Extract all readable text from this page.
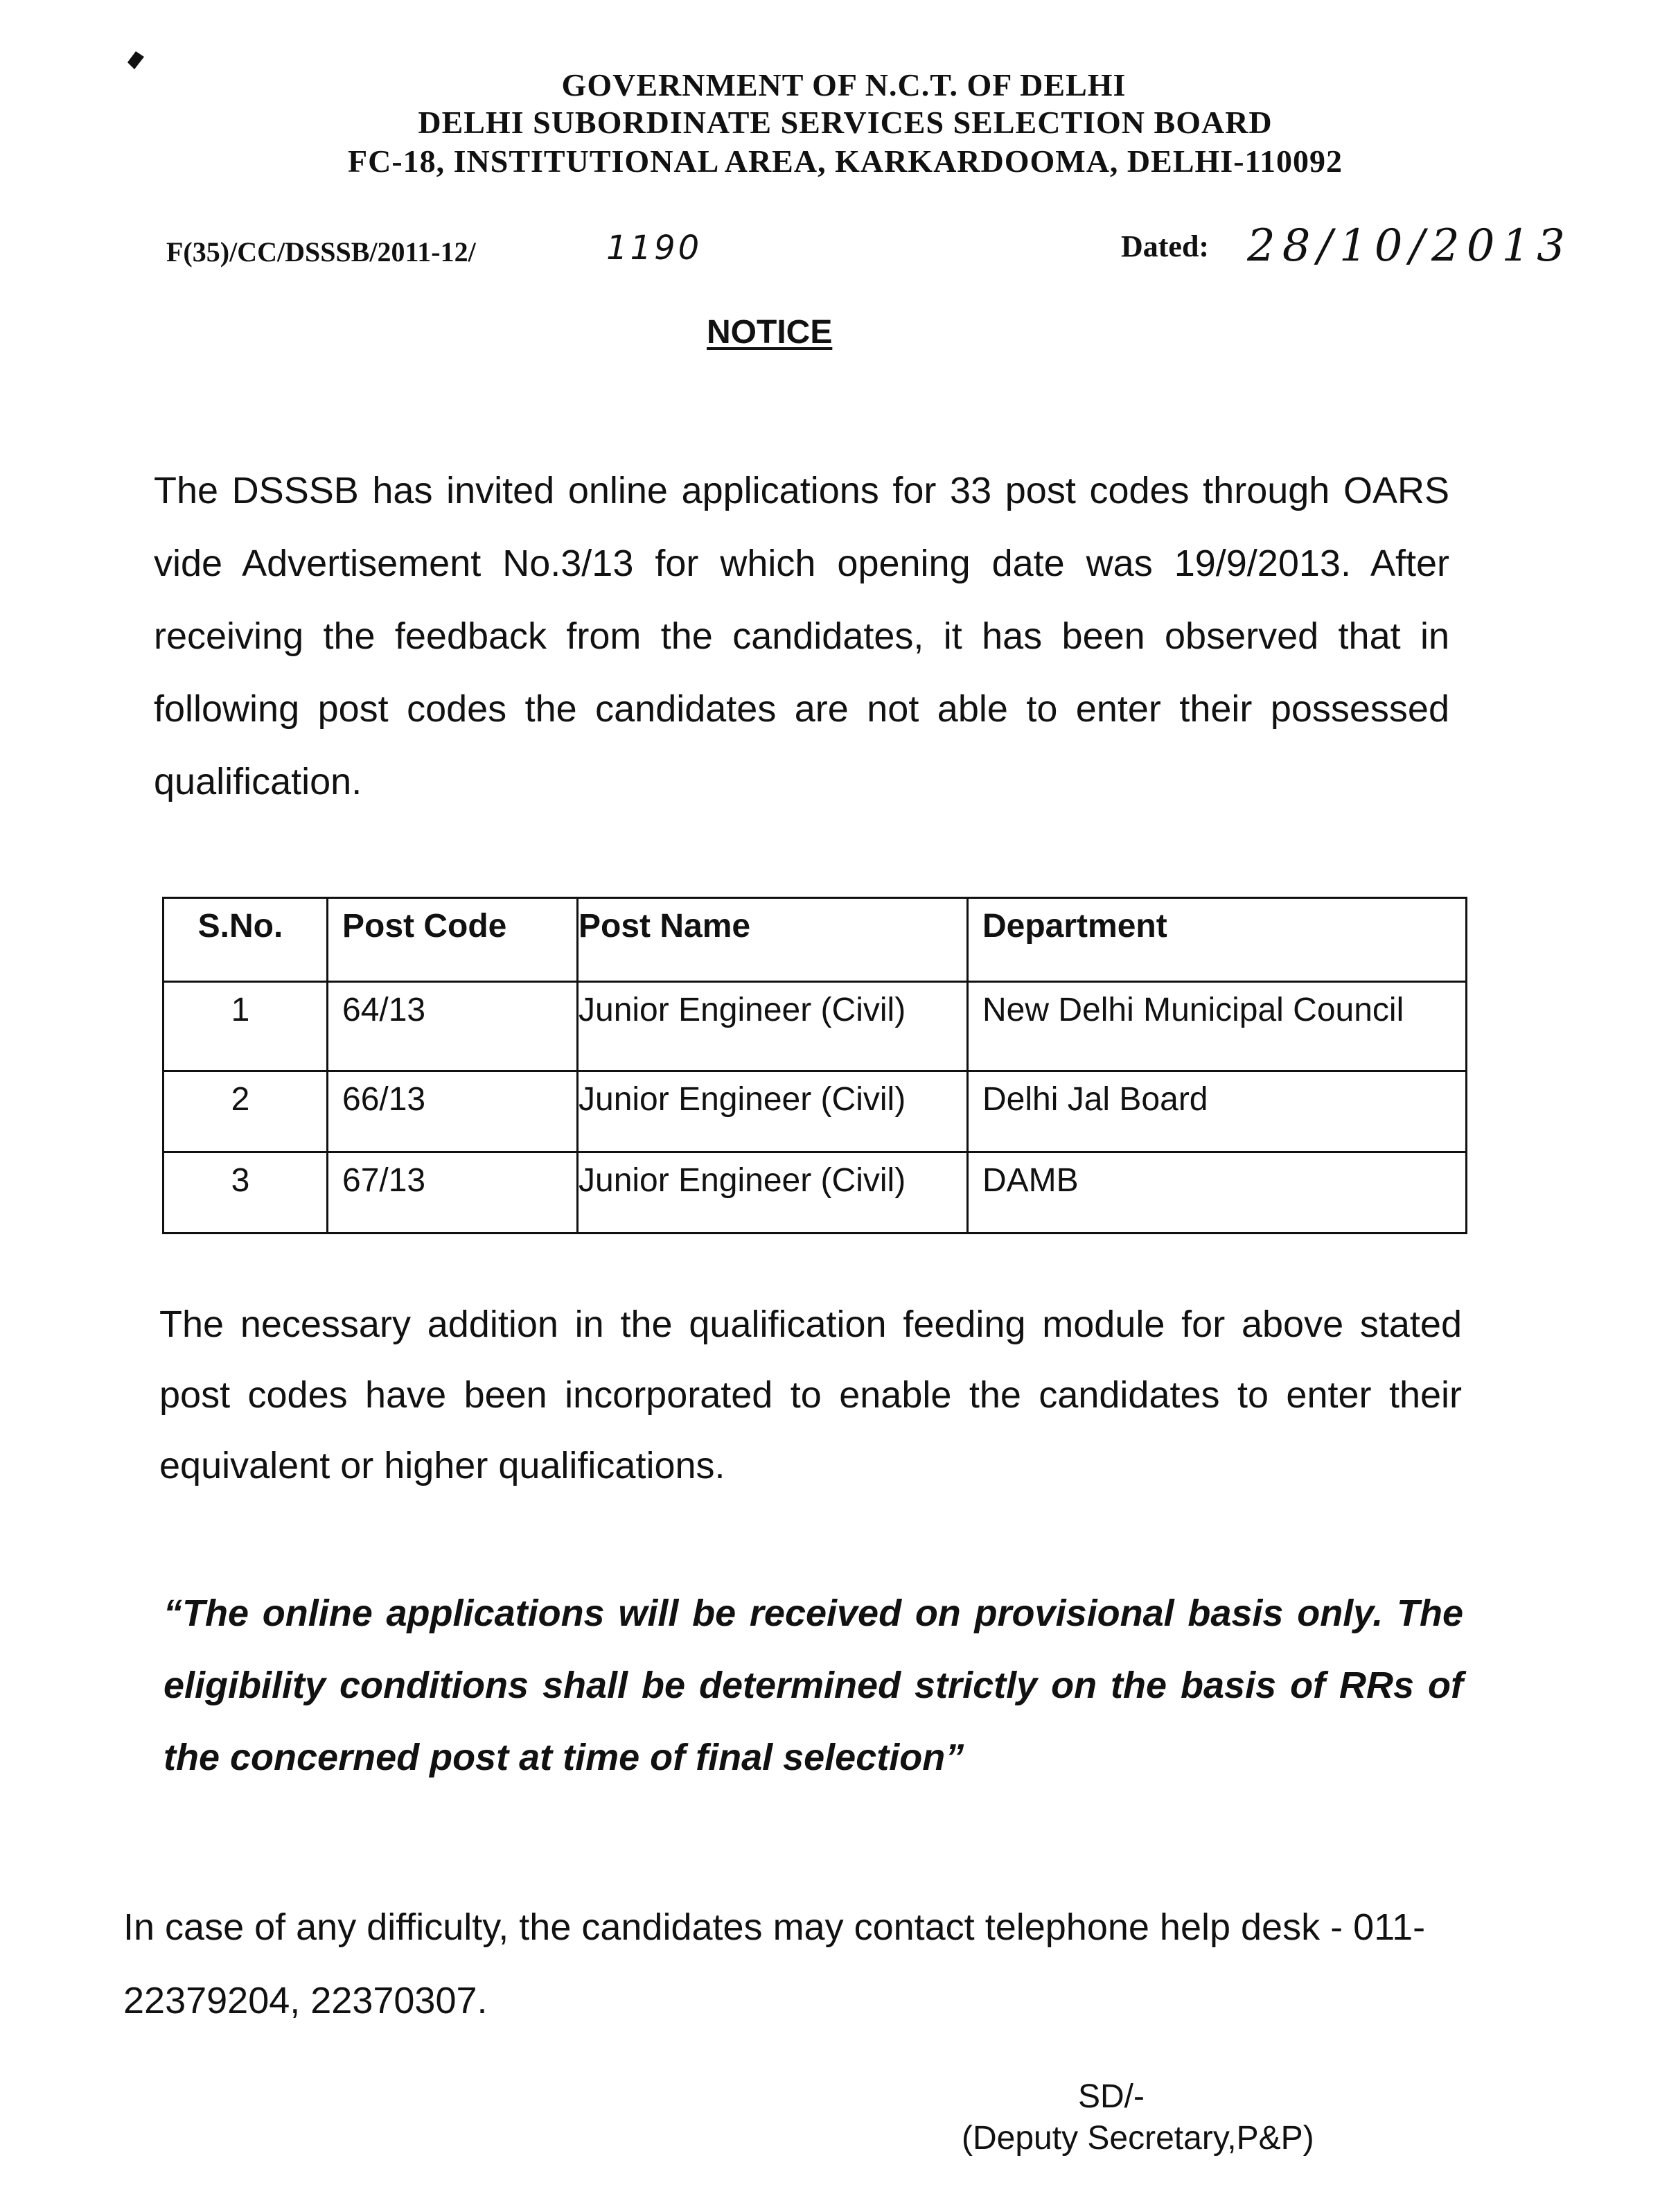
GOVERNMENT OF N.C.T. OF DELHI
DELHI SUBORDINATE SERVICES SELECTION BOARD
FC-18, INSTITUTIONAL AREA, KARKARDOOMA, DELHI-110092
F(35)/CC/DSSSB/2011-12/	1190	Dated: 28/10/2013
NOTICE
The DSSSB has invited online applications for 33 post codes through OARS vide Advertisement No.3/13 for which opening date was 19/9/2013. After receiving the feedback from the candidates, it has been observed that in following post codes the candidates are not able to enter their possessed qualification.
S.No.	Post Code	Post Name	Department
1	64/13	Junior Engineer (Civil)	New Delhi Municipal Council
2	66/13	Junior Engineer (Civil)	Delhi Jal Board
3	67/13	Junior Engineer (Civil)	DAMB
The necessary addition in the qualification feeding module for above stated post codes have been incorporated to enable the candidates to enter their equivalent or higher qualifications.
“The online applications will be received on provisional basis only. The eligibility conditions shall be determined strictly on the basis of RRs of the concerned post at time of final selection”
In case of any difficulty, the candidates may contact telephone help desk - 011-22379204, 22370307.
SD/-
(Deputy Secretary,P&P)
